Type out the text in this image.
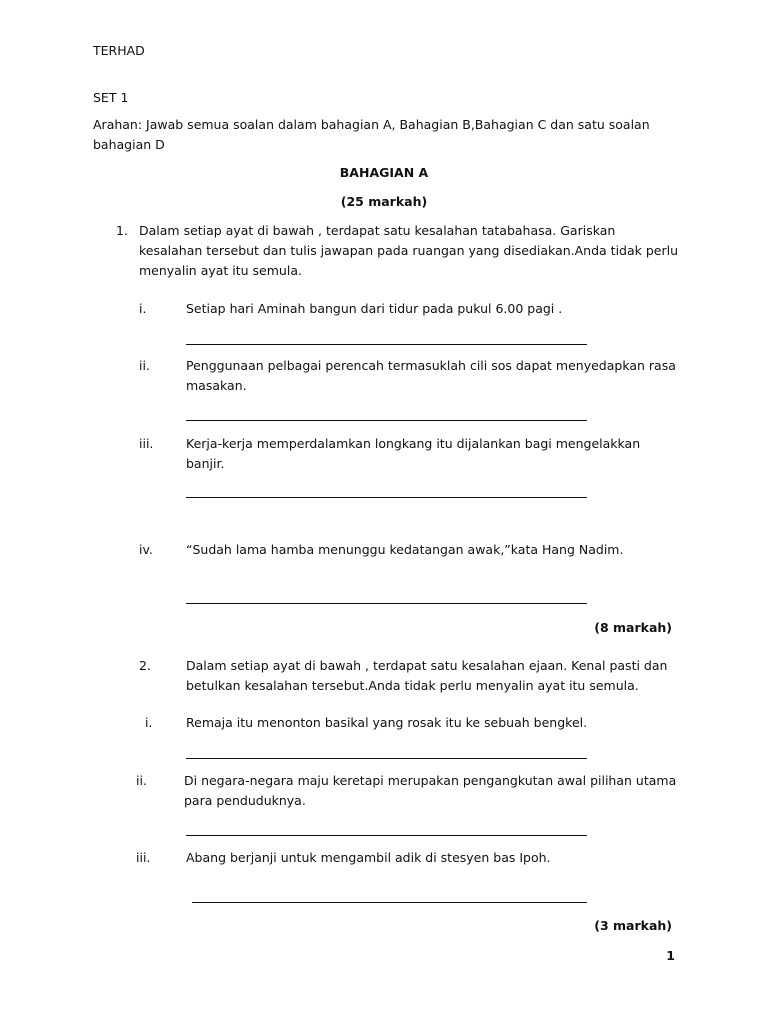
TERHAD
SET 1
Arahan: Jawab semua soalan dalam bahagian A, Bahagian B,Bahagian C dan satu soalan
bahagian D
BAHAGIAN A
(25 markah)
1. Dalam setiap ayat di bawah , terdapat satu kesalahan tatabahasa. Gariskan
kesalahan tersebut dan tulis jawapan pada ruangan yang disediakan.Anda tidak perlu
menyalin ayat itu semula.
i.	Setiap hari Aminah bangun dari tidur pada pukul 6.00 pagi .
ii.	Penggunaan pelbagai perencah termasuklah cili sos dapat menyedapkan rasa
masakan.
iii.	Kerja-kerja memperdalamkan longkang itu dijalankan bagi mengelakkan
banjir.
iv.	“Sudah lama hamba menunggu kedatangan awak,”kata Hang Nadim.
(8 markah)
2.	Dalam setiap ayat di bawah , terdapat satu kesalahan ejaan. Kenal pasti dan
betulkan kesalahan tersebut.Anda tidak perlu menyalin ayat itu semula.
i.	Remaja itu menonton basikal yang rosak itu ke sebuah bengkel.
ii.	Di negara-negara maju keretapi merupakan pengangkutan awal pilihan utama
para penduduknya.
iii.	Abang berjanji untuk mengambil adik di stesyen bas Ipoh.
(3 markah)
1
